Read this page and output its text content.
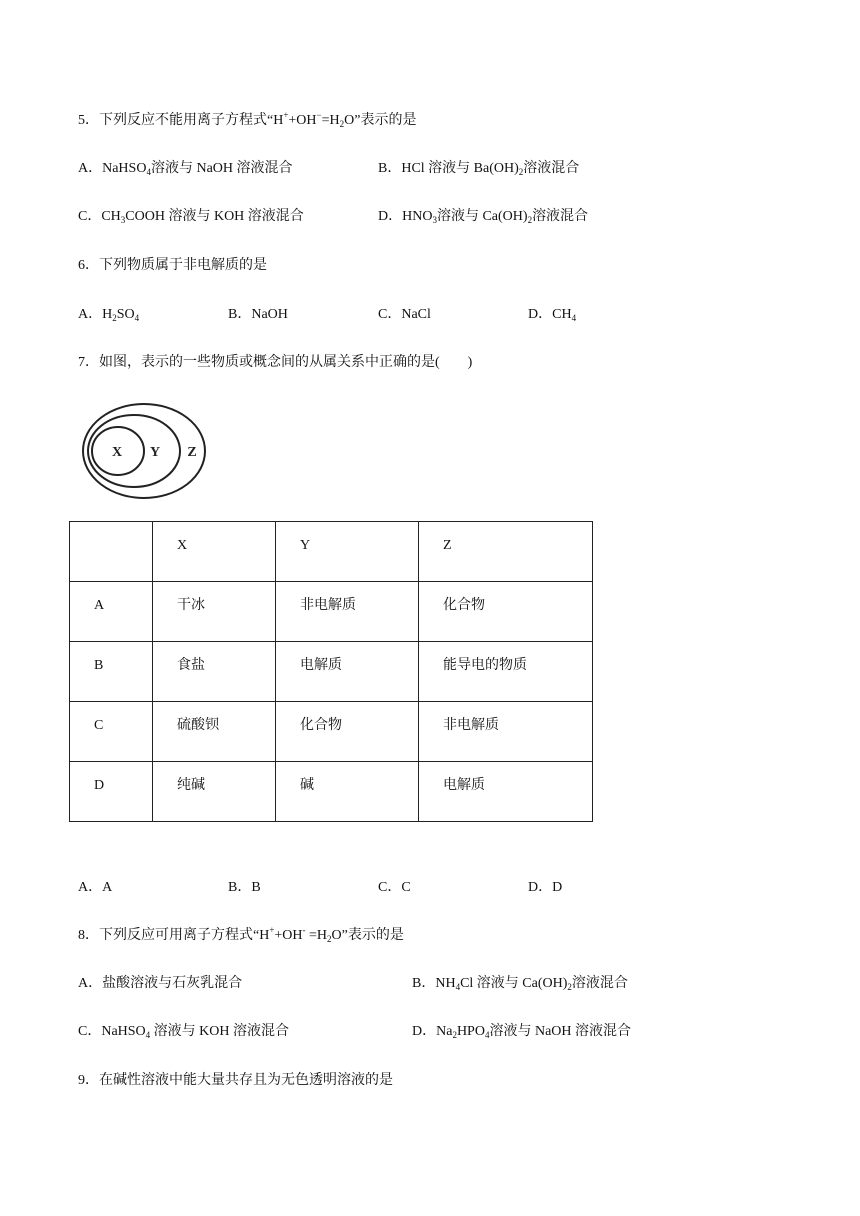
5．下列反应不能用离子方程式“$H^++OH^-=H_2O$”表示的是
A．NaHSO$_4$溶液与 NaOH 溶液混合	B．HCl 溶液与 $Ba(OH)_2$溶液混合
C．$CH_3COOH$ 溶液与 KOH 溶液混合	D．$HNO_3$溶液与 $Ca(OH)_2$溶液混合
6．下列物质属于非电解质的是
A．$H_2SO_4$	B．NaOH	C．NaCl	D．$CH_4$
7．如图，表示的一些物质或概念间的从属关系中正确的是(　　)
X Y Z

	X	Y	Z

A	干冰	非电解质	化合物

B	食盐	电解质	能导电的物质

C	硫酸钡	化合物	非电解质

D	纯碱	碱	电解质
A．A	B．B	C．C	D．D
8．下列反应可用离子方程式“$H^++OH^- =H_2O$”表示的是
A．盐酸溶液与石灰乳混合	B．$NH_4Cl$ 溶液与 $Ca(OH)_2$溶液混合
C．NaHSO$_4$ 溶液与 KOH 溶液混合	D．$Na_2HPO_4$溶液与 NaOH 溶液混合
9．在碱性溶液中能大量共存且为无色透明溶液的是
